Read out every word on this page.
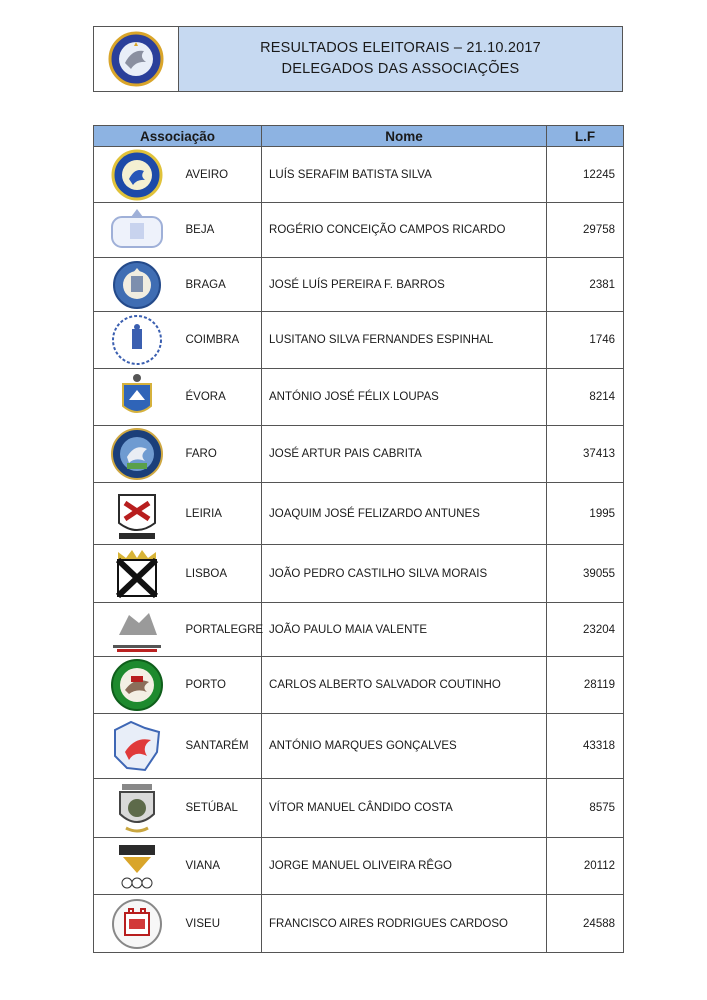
RESULTADOS ELEITORAIS – 21.10.2017
DELEGADOS DAS ASSOCIAÇÕES
Associação		Nome	L.F

	AVEIRO	LUÍS SERAFIM BATISTA SILVA	12245

	BEJA	ROGÉRIO CONCEIÇÃO CAMPOS RICARDO	29758

	BRAGA	JOSÉ LUÍS PEREIRA F. BARROS	2381

	COIMBRA	LUSITANO SILVA FERNANDES ESPINHAL	1746

	ÉVORA	ANTÓNIO JOSÉ FÉLIX LOUPAS	8214

	FARO	JOSÉ ARTUR PAIS CABRITA	37413

	LEIRIA	JOAQUIM JOSÉ FELIZARDO ANTUNES	1995

	LISBOA	JOÃO PEDRO CASTILHO SILVA MORAIS	39055

	PORTALEGRE	JOÃO PAULO MAIA VALENTE	23204

	PORTO	CARLOS ALBERTO SALVADOR COUTINHO	28119

	SANTARÉM	ANTÓNIO MARQUES GONÇALVES	43318

	SETÚBAL	VÍTOR MANUEL CÂNDIDO COSTA	8575

	VIANA	JORGE MANUEL OLIVEIRA RÊGO	20112

	VISEU	FRANCISCO AIRES RODRIGUES CARDOSO	24588
